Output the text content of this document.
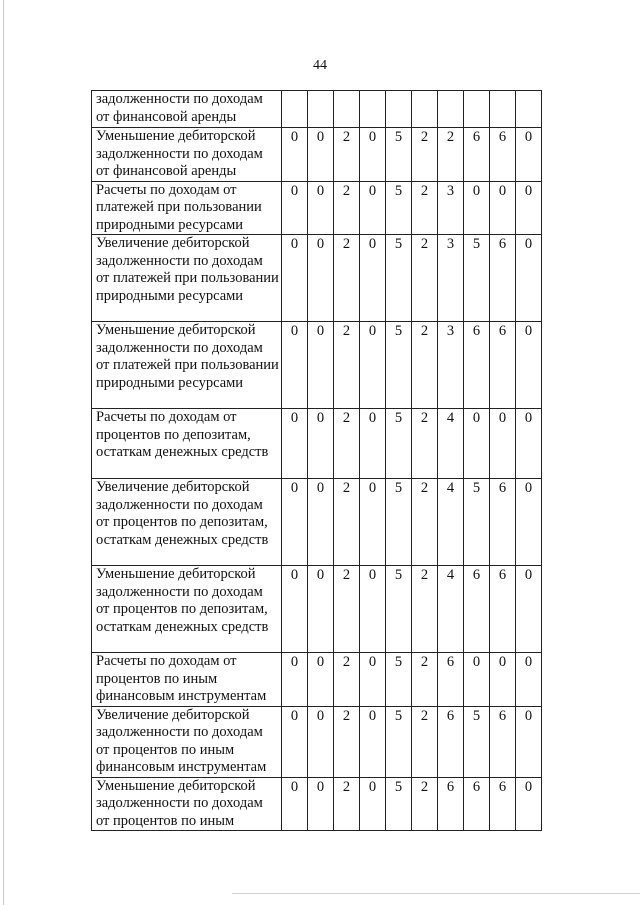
44
задолженности по доходам от финансовой аренды										
Уменьшение дебиторской задолженности по доходам от финансовой аренды	0	0	2	0	5	2	2	6	6	0
Расчеты по доходам от платежей при пользовании природными ресурсами	0	0	2	0	5	2	3	0	0	0
Увеличение дебиторской задолженности по доходам от платежей при пользовании природными ресурсами	0	0	2	0	5	2	3	5	6	0
Уменьшение дебиторской задолженности по доходам от платежей при пользовании природными ресурсами	0	0	2	0	5	2	3	6	6	0
Расчеты по доходам от процентов по депозитам, остаткам денежных средств	0	0	2	0	5	2	4	0	0	0
Увеличение дебиторской задолженности по доходам от процентов по депозитам, остаткам денежных средств	0	0	2	0	5	2	4	5	6	0
Уменьшение дебиторской задолженности по доходам от процентов по депозитам, остаткам денежных средств	0	0	2	0	5	2	4	6	6	0
Расчеты по доходам от процентов по иным финансовым инструментам	0	0	2	0	5	2	6	0	0	0
Увеличение дебиторской задолженности по доходам от процентов по иным финансовым инструментам	0	0	2	0	5	2	6	5	6	0
Уменьшение дебиторской задолженности по доходам от процентов по иным	0	0	2	0	5	2	6	6	6	0
